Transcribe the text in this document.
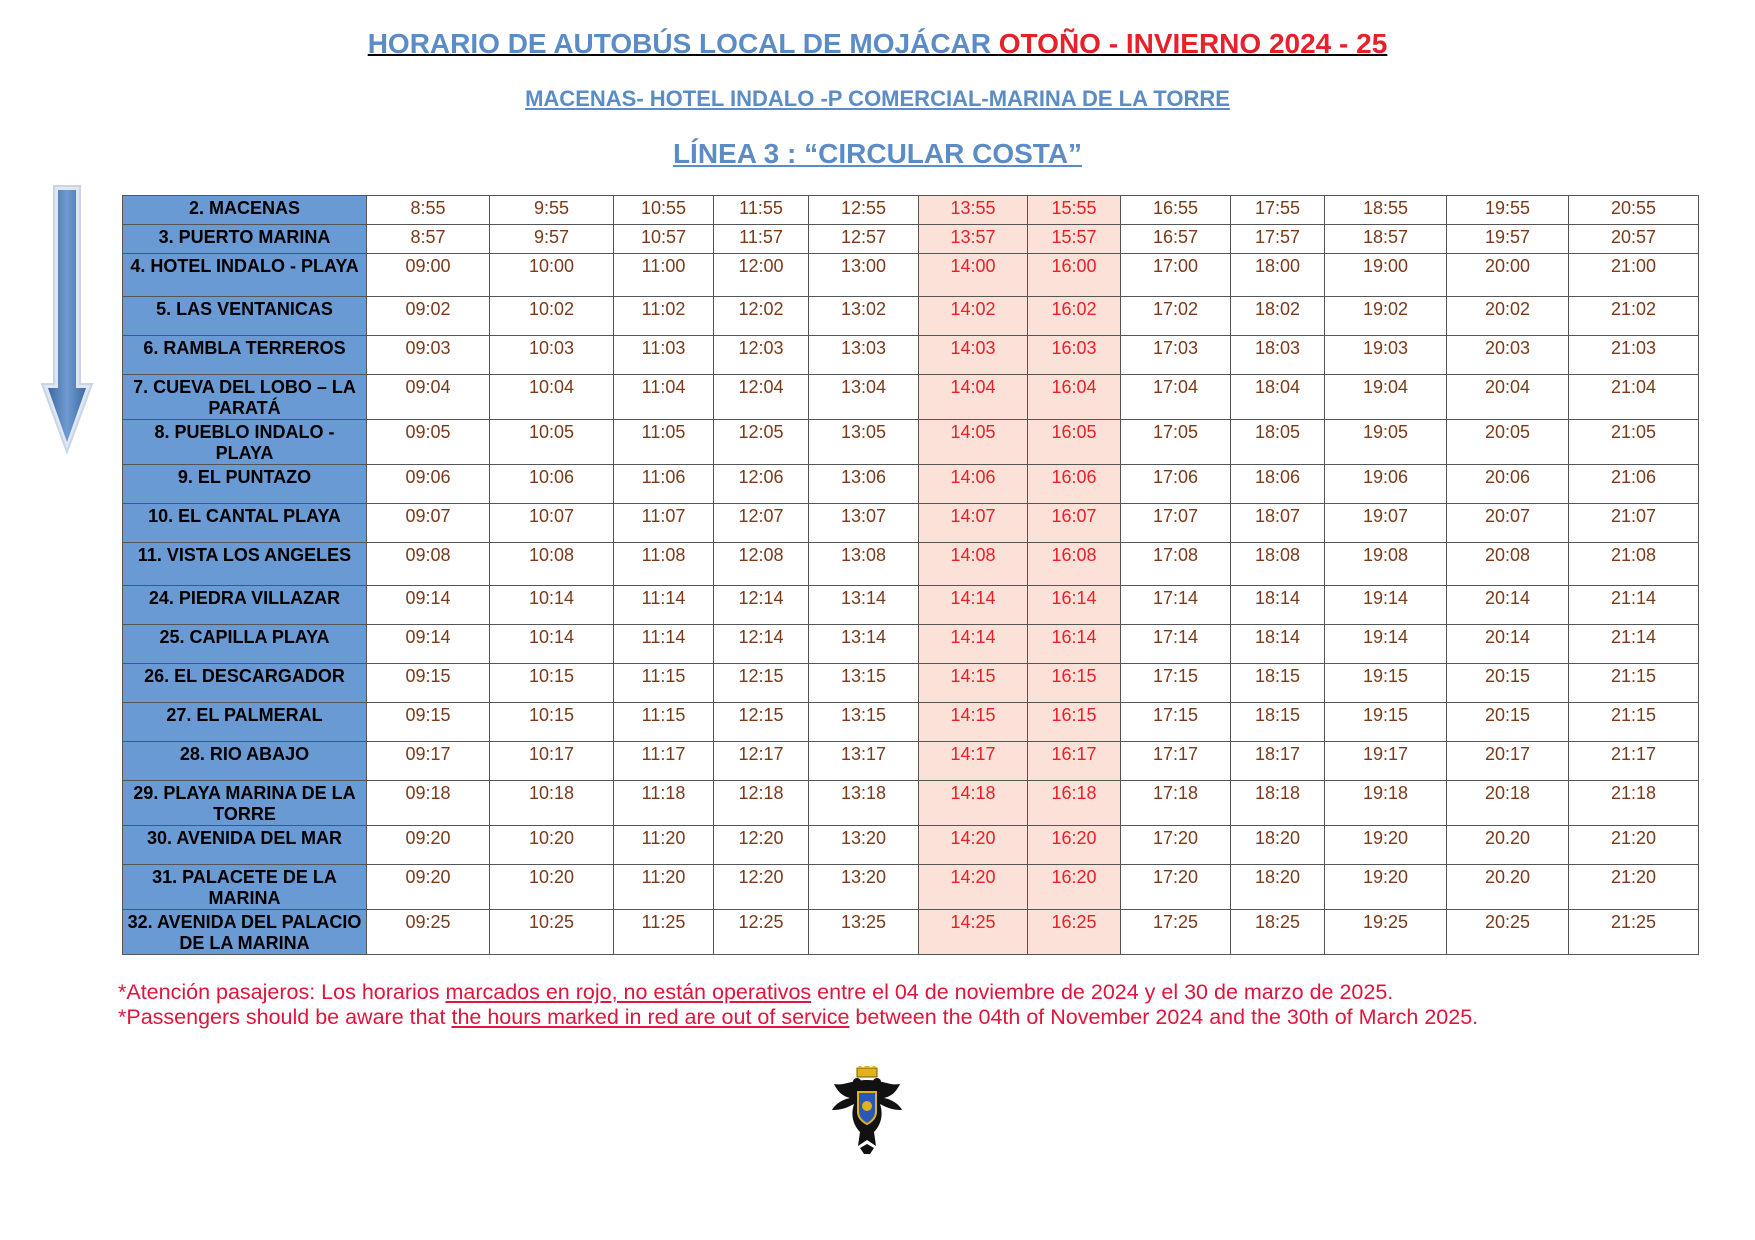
HORARIO DE AUTOBÚS LOCAL DE MOJÁCAR OTOÑO - INVIERNO 2024 - 25
MACENAS- HOTEL INDALO -P COMERCIAL-MARINA DE LA TORRE
LÍNEA 3 : “CIRCULAR COSTA”
2. MACENAS	8:55	9:55	10:55	11:55	12:55	13:55	15:55	16:55	17:55	18:55	19:55	20:55
3. PUERTO MARINA	8:57	9:57	10:57	11:57	12:57	13:57	15:57	16:57	17:57	18:57	19:57	20:57
4. HOTEL INDALO - PLAYA	09:00	10:00	11:00	12:00	13:00	14:00	16:00	17:00	18:00	19:00	20:00	21:00
5. LAS VENTANICAS	09:02	10:02	11:02	12:02	13:02	14:02	16:02	17:02	18:02	19:02	20:02	21:02
6. RAMBLA TERREROS	09:03	10:03	11:03	12:03	13:03	14:03	16:03	17:03	18:03	19:03	20:03	21:03
7. CUEVA DEL LOBO – LA PARATÁ	09:04	10:04	11:04	12:04	13:04	14:04	16:04	17:04	18:04	19:04	20:04	21:04
8. PUEBLO INDALO - PLAYA	09:05	10:05	11:05	12:05	13:05	14:05	16:05	17:05	18:05	19:05	20:05	21:05
9. EL PUNTAZO	09:06	10:06	11:06	12:06	13:06	14:06	16:06	17:06	18:06	19:06	20:06	21:06
10. EL CANTAL PLAYA	09:07	10:07	11:07	12:07	13:07	14:07	16:07	17:07	18:07	19:07	20:07	21:07
11. VISTA LOS ANGELES	09:08	10:08	11:08	12:08	13:08	14:08	16:08	17:08	18:08	19:08	20:08	21:08
24. PIEDRA VILLAZAR	09:14	10:14	11:14	12:14	13:14	14:14	16:14	17:14	18:14	19:14	20:14	21:14
25. CAPILLA PLAYA	09:14	10:14	11:14	12:14	13:14	14:14	16:14	17:14	18:14	19:14	20:14	21:14
26. EL DESCARGADOR	09:15	10:15	11:15	12:15	13:15	14:15	16:15	17:15	18:15	19:15	20:15	21:15
27. EL PALMERAL	09:15	10:15	11:15	12:15	13:15	14:15	16:15	17:15	18:15	19:15	20:15	21:15
28. RIO ABAJO	09:17	10:17	11:17	12:17	13:17	14:17	16:17	17:17	18:17	19:17	20:17	21:17
29. PLAYA MARINA DE LA TORRE	09:18	10:18	11:18	12:18	13:18	14:18	16:18	17:18	18:18	19:18	20:18	21:18
30. AVENIDA DEL MAR	09:20	10:20	11:20	12:20	13:20	14:20	16:20	17:20	18:20	19:20	20.20	21:20
31. PALACETE DE LA MARINA	09:20	10:20	11:20	12:20	13:20	14:20	16:20	17:20	18:20	19:20	20.20	21:20
32. AVENIDA DEL PALACIO DE LA MARINA	09:25	10:25	11:25	12:25	13:25	14:25	16:25	17:25	18:25	19:25	20:25	21:25

*Atención pasajeros: Los horarios marcados en rojo, no están operativos entre el 04 de noviembre de 2024 y el 30 de marzo de 2025.

*Passengers should be aware that the hours marked in red are out of service between the 04th of November 2024 and the 30th of March 2025.
